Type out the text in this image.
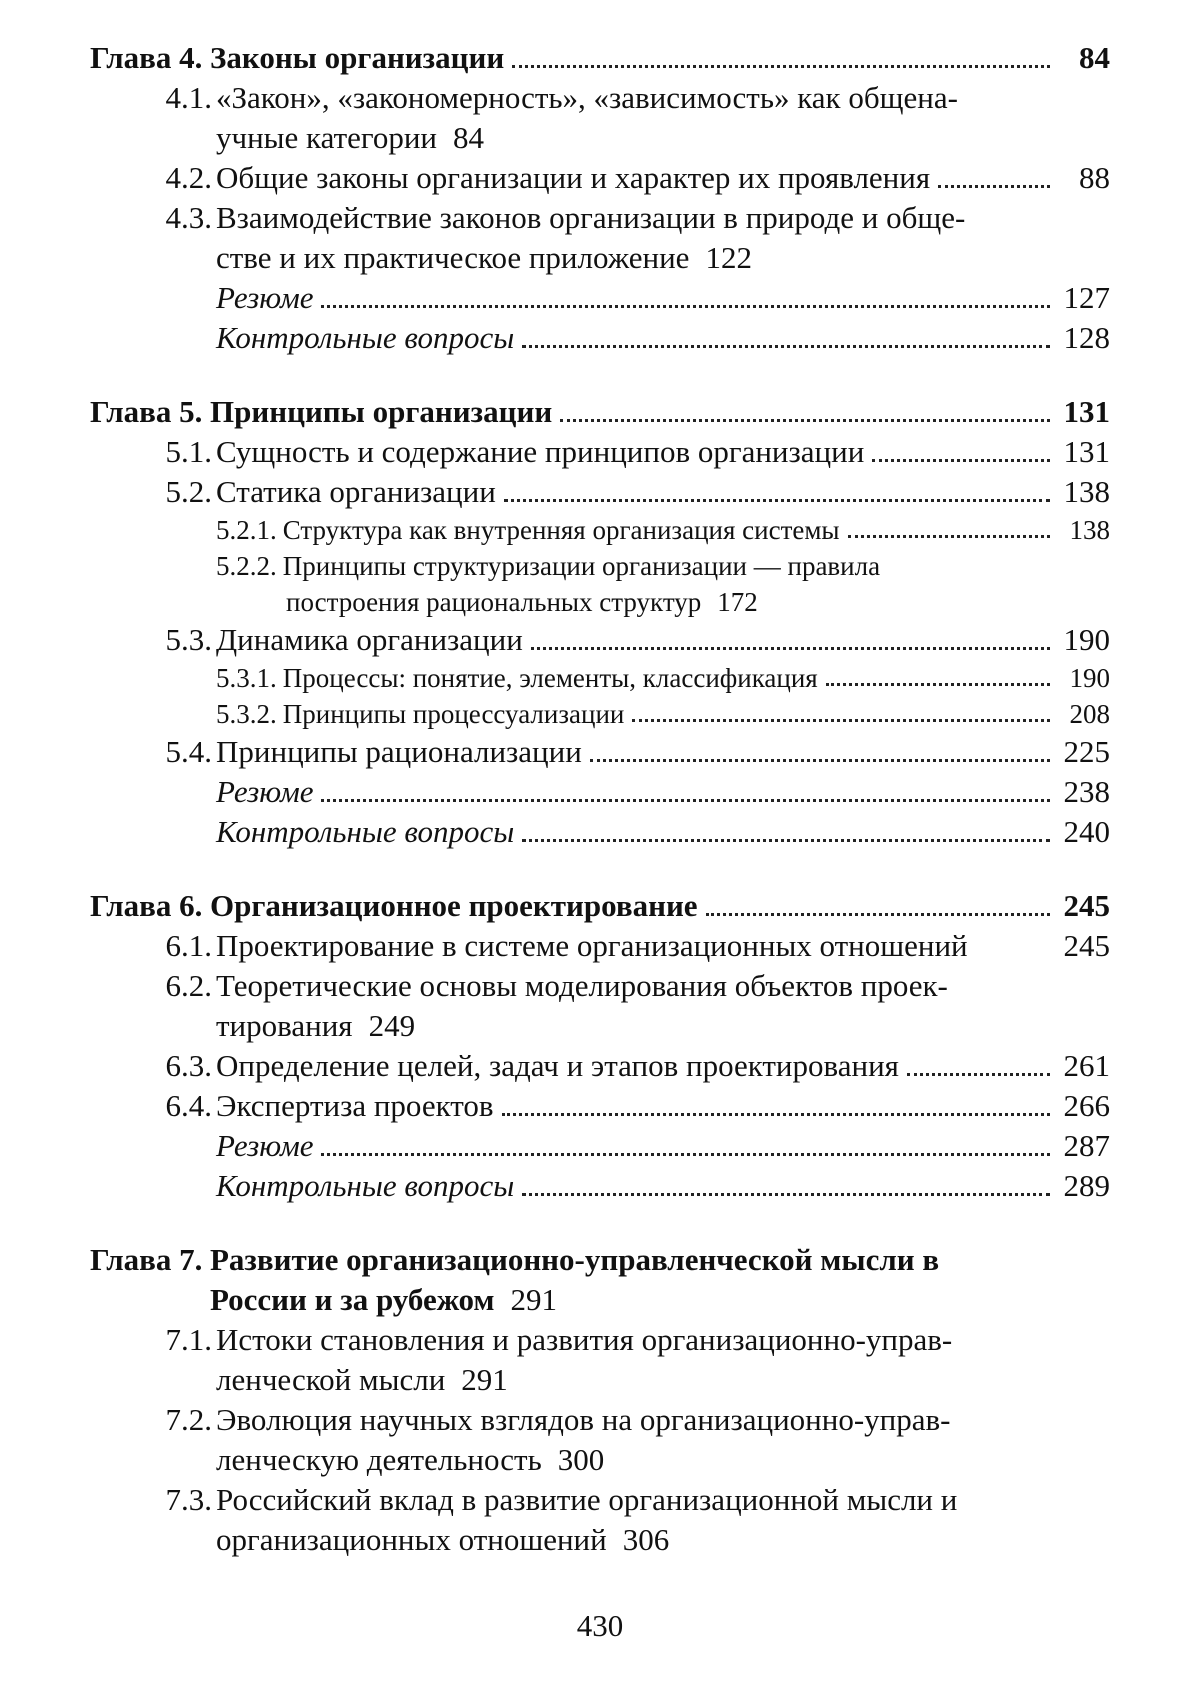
Глава 4. Законы организации	84
4.1. «Закон», «закономерность», «зависимость» как общена-
учные категории 84
4.2. Общие законы организации и характер их проявления	88
4.3. Взаимодействие законов организации в природе и обще-
стве и их практическое приложение 122
Резюме	127
Контрольные вопросы	128
Глава 5. Принципы организации	131
5.1. Сущность и содержание принципов организации	131
5.2. Статика организации	138
5.2.1. Структура как внутренняя организация системы	138
5.2.2. Принципы структуризации организации — правила
построения рациональных структур 172
5.3. Динамика организации	190
5.3.1. Процессы: понятие, элементы, классификация	190
5.3.2. Принципы процессуализации	208
5.4. Принципы рационализации	225
Резюме	238
Контрольные вопросы	240
Глава 6. Организационное проектирование	245
6.1. Проектирование в системе организационных отношений	245
6.2. Теоретические основы моделирования объектов проек-
тирования 249
6.3. Определение целей, задач и этапов проектирования	261
6.4. Экспертиза проектов	266
Резюме	287
Контрольные вопросы	289
Глава 7. Развитие организационно-управленческой мысли в
России и за рубежом 291
7.1. Истоки становления и развития организационно-управ-
ленческой мысли 291
7.2. Эволюция научных взглядов на организационно-управ-
ленческую деятельность 300
7.3. Российский вклад в развитие организационной мысли и
организационных отношений 306
430
